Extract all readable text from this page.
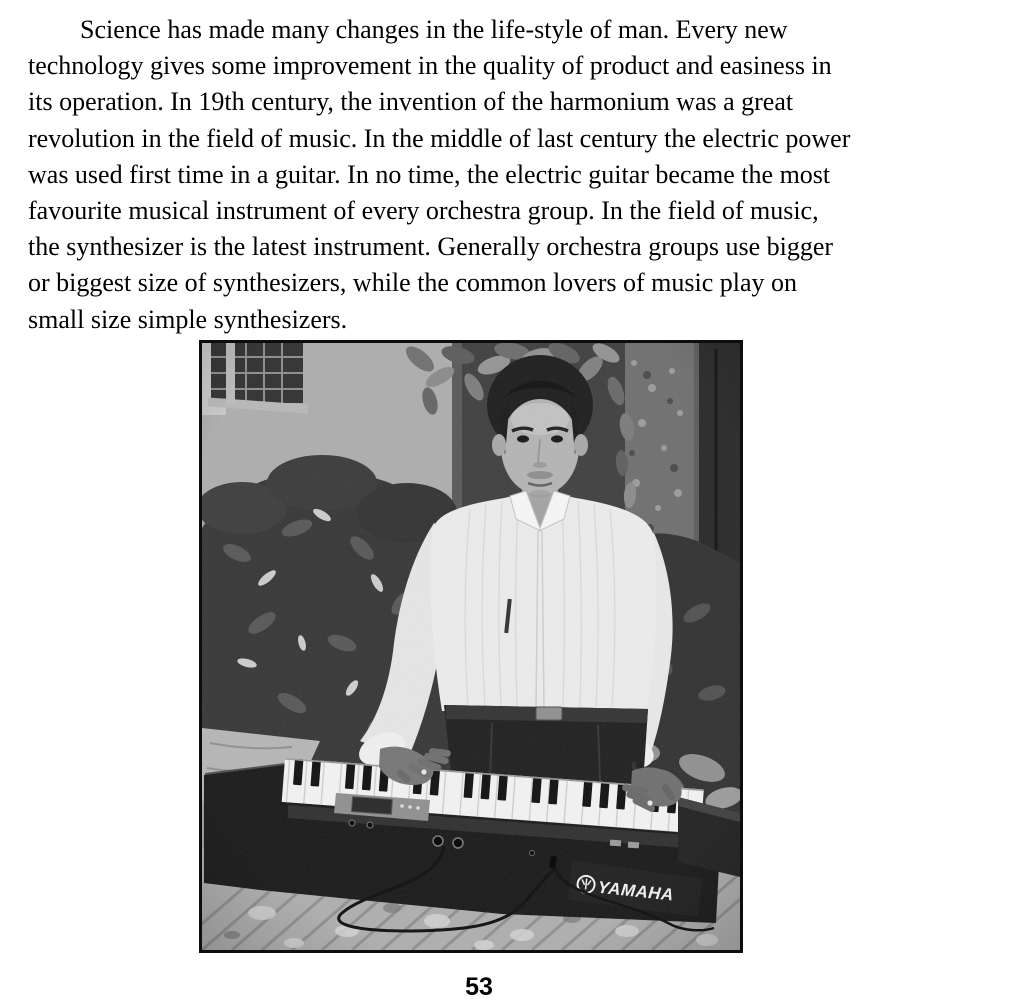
Science has made many changes in the life-style of man. Every new
technology gives some improvement in the quality of product and easiness in
its operation. In 19th century, the invention of the harmonium was a great
revolution in the field of music. In the middle of last century the electric power
was used first time in a guitar. In no time, the electric guitar became the most
favourite musical instrument of every orchestra group. In the field of music,
the synthesizer is the latest instrument. Generally orchestra groups use bigger
or biggest size of synthesizers, while the common lovers of music play on
small size simple synthesizers.
53
